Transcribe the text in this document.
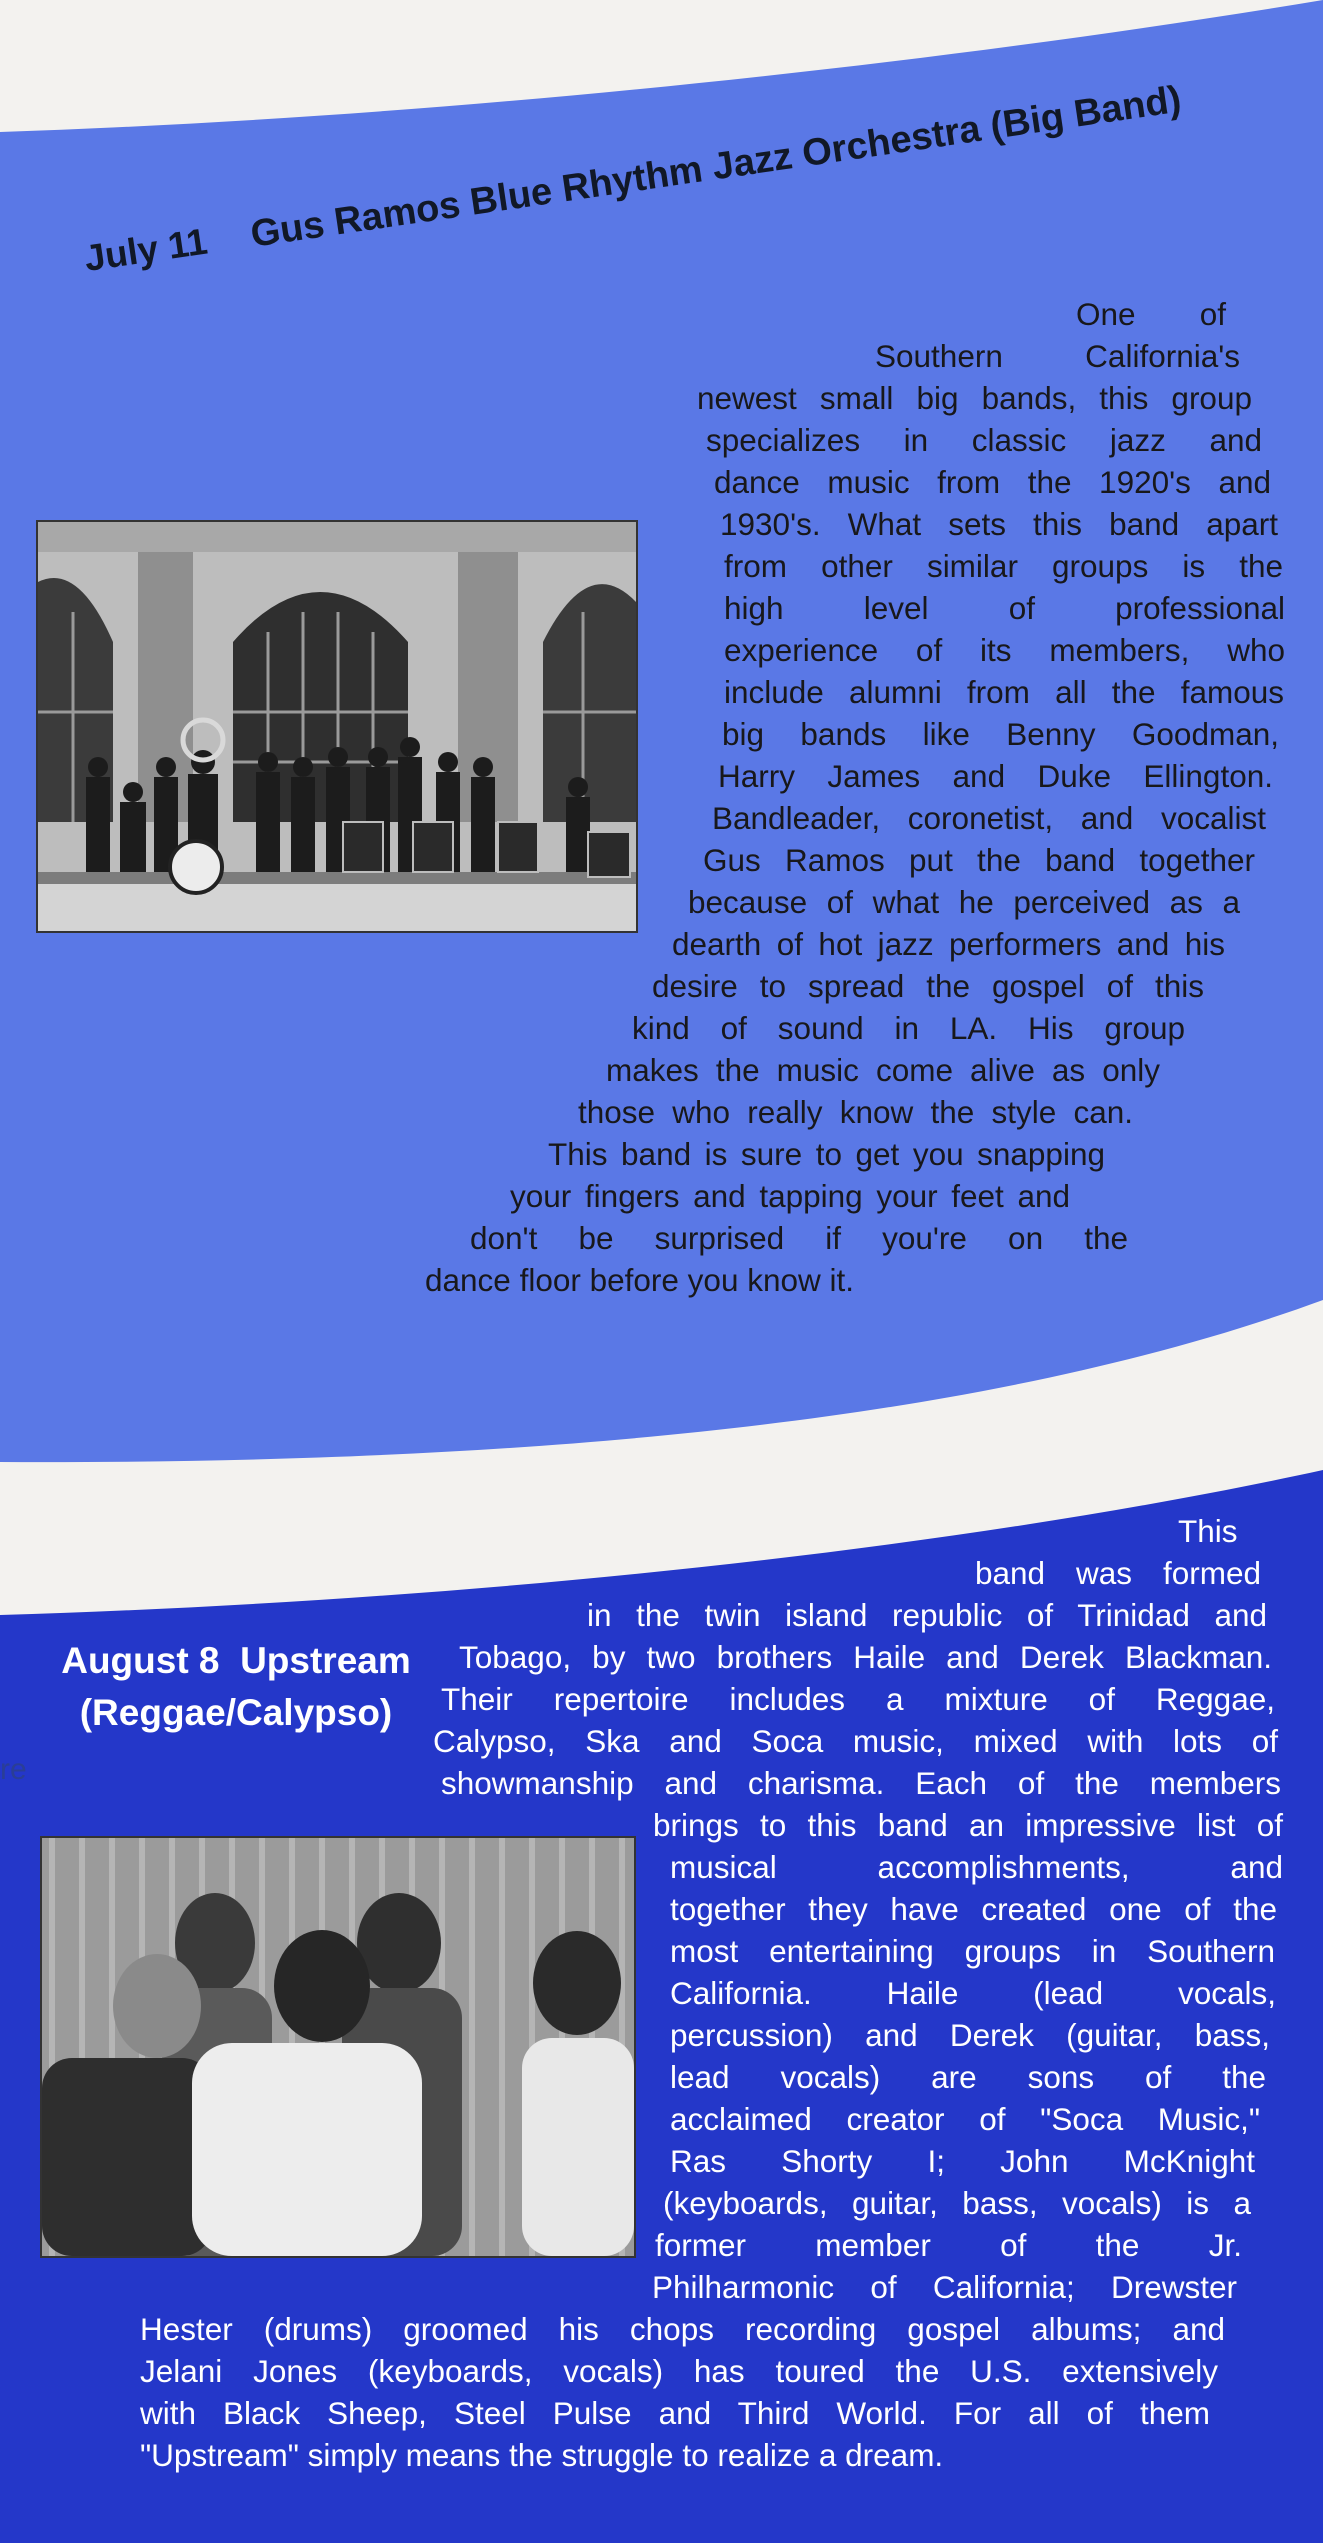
July 11 Gus Ramos Blue Rhythm Jazz Orchestra (Big Band)
One of
Southern California's
newest small big bands, this group
specializes in classic jazz and
dance music from the 1920's and
1930's. What sets this band apart
from other similar groups is the
high level of professional
experience of its members, who
include alumni from all the famous
big bands like Benny Goodman,
Harry James and Duke Ellington.
Bandleader, coronetist, and vocalist
Gus Ramos put the band together
because of what he perceived as a
dearth of hot jazz performers and his
desire to spread the gospel of this
kind of sound in LA. His group
makes the music come alive as only
those who really know the style can.
This band is sure to get you snapping
your fingers and tapping your feet and
don't be surprised if you're on the
dance floor before you know it.
August 8 Upstream
(Reggae/Calypso)
re
This
band was formed
in the twin island republic of Trinidad and
Tobago, by two brothers Haile and Derek Blackman.
Their repertoire includes a mixture of Reggae,
Calypso, Ska and Soca music, mixed with lots of
showmanship and charisma. Each of the members
brings to this band an impressive list of
musical accomplishments, and
together they have created one of the
most entertaining groups in Southern
California. Haile (lead vocals,
percussion) and Derek (guitar, bass,
lead vocals) are sons of the
acclaimed creator of "Soca Music,"
Ras Shorty I; John McKnight
(keyboards, guitar, bass, vocals) is a
former member of the Jr.
Philharmonic of California; Drewster
Hester (drums) groomed his chops recording gospel albums; and
Jelani Jones (keyboards, vocals) has toured the U.S. extensively
with Black Sheep, Steel Pulse and Third World. For all of them
"Upstream" simply means the struggle to realize a dream.
